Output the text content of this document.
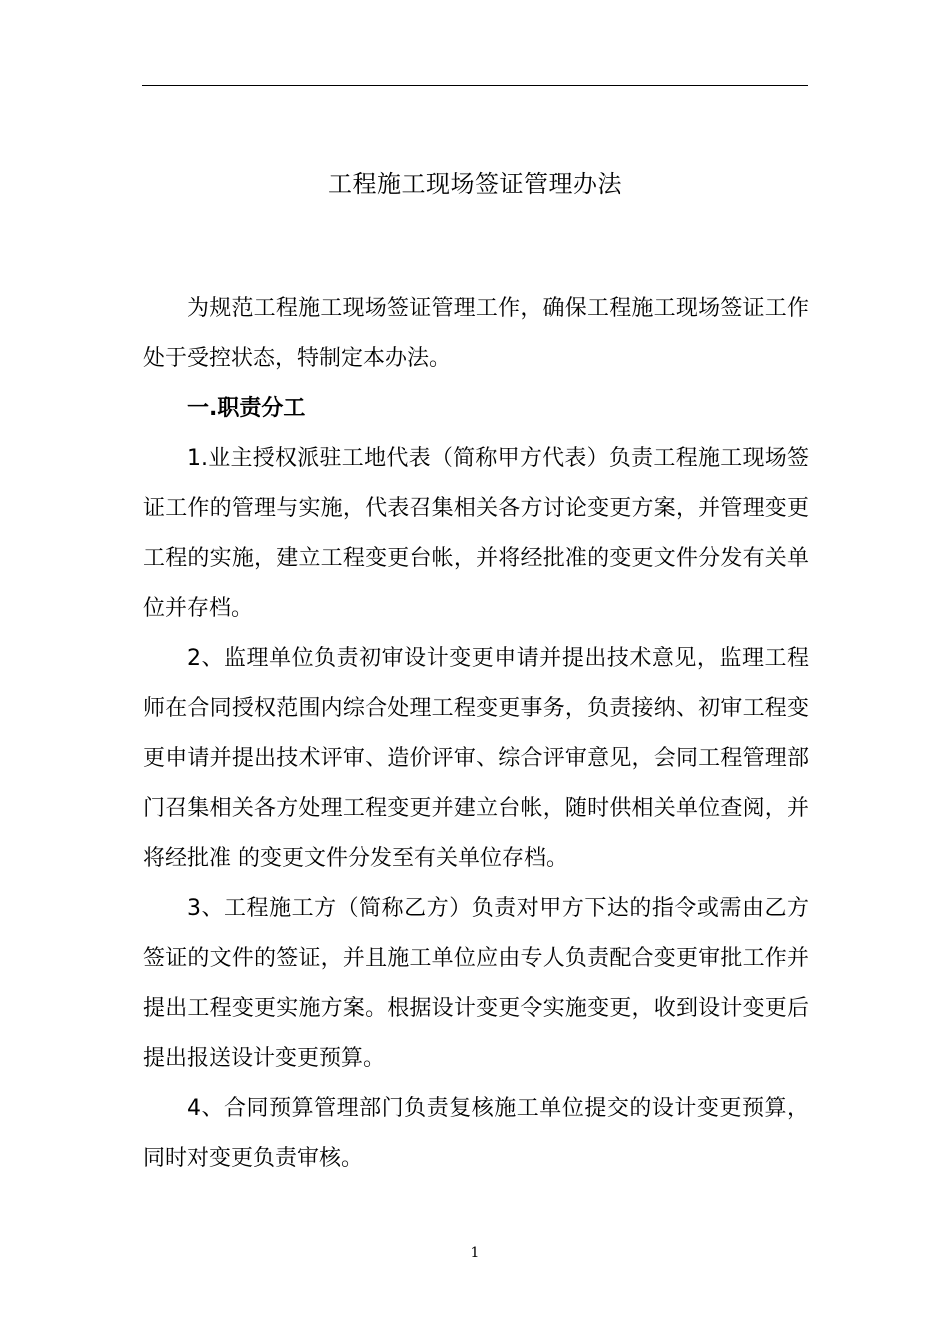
工程施工现场签证管理办法

为规范工程施工现场签证管理工作，确保工程施工现场签证工作处于受控状态，特制定本办法。

一.职责分工

1.业主授权派驻工地代表（简称甲方代表）负责工程施工现场签证工作的管理与实施，代表召集相关各方讨论变更方案，并管理变更工程的实施，建立工程变更台帐，并将经批准的变更文件分发有关单位并存档。

2、监理单位负责初审设计变更申请并提出技术意见，监理工程师在合同授权范围内综合处理工程变更事务，负责接纳、初审工程变更申请并提出技术评审、造价评审、综合评审意见，会同工程管理部门召集相关各方处理工程变更并建立台帐，随时供相关单位查阅，并将经批准 的变更文件分发至有关单位存档。

3、工程施工方（简称乙方）负责对甲方下达的指令或需由乙方签证的文件的签证，并且施工单位应由专人负责配合变更审批工作并提出工程变更实施方案。根据设计变更令实施变更，收到设计变更后提出报送设计变更预算。

4、合同预算管理部门负责复核施工单位提交的设计变更预算，同时对变更负责审核。

1
